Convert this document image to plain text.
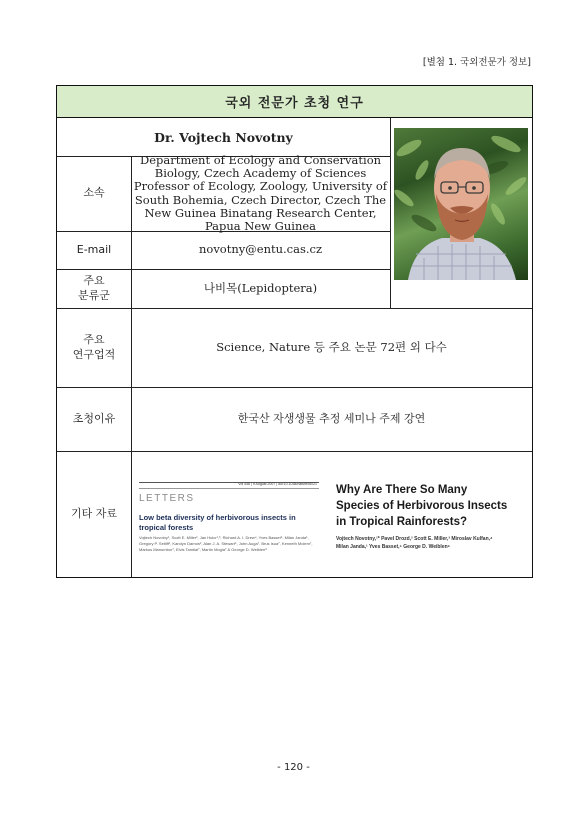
[별첨 1. 국외전문가 정보]
국외 전문가 초청 연구
Dr. Vojtech Novotny
소속
Department of Ecology and Conservation
Biology, Czech Academy of Sciences
Professor of Ecology, Zoology, University of
South Bohemia, Czech Director, Czech The
New Guinea Binatang Research Center,
Papua New Guinea
E-mail	novotny@entu.cas.cz
주요
분류군
나비목(Lepidoptera)
주요
연구업적
Science, Nature 등 주요 논문 72편 외 다수
초청이유	한국산 자생생물 추정 세미나 주제 강연
기타 자료
Vol 448 | 9 August 2007 | doi:10.1038/nature06021
LETTERS
Low beta diversity of herbivorous insects in
tropical forests
Vojtech Novotny¹, Scott E. Miller², Jan Hulcr¹,³, Richard A. I. Drew⁴, Yves Basset⁵, Milan Janda¹, Gregory P. Setliff¹, Karolyn Darrow², Alan J. A. Stewart⁶, John Auga⁷, Brus Isua⁷, Kenneth Molem⁷, Markus Manumbor⁷, Elvis Tamtiai⁷, Martin Mogia⁷ & George D. Weiblen⁸
Why Are There So Many
Species of Herbivorous Insects
in Tropical Rainforests?
Vojtech Novotny,¹* Pavel Drozd,² Scott E. Miller,³ Miroslav Kulfan,⁴
Milan Janda,¹ Yves Basset,⁵ George D. Weiblen⁶
- 120 -
